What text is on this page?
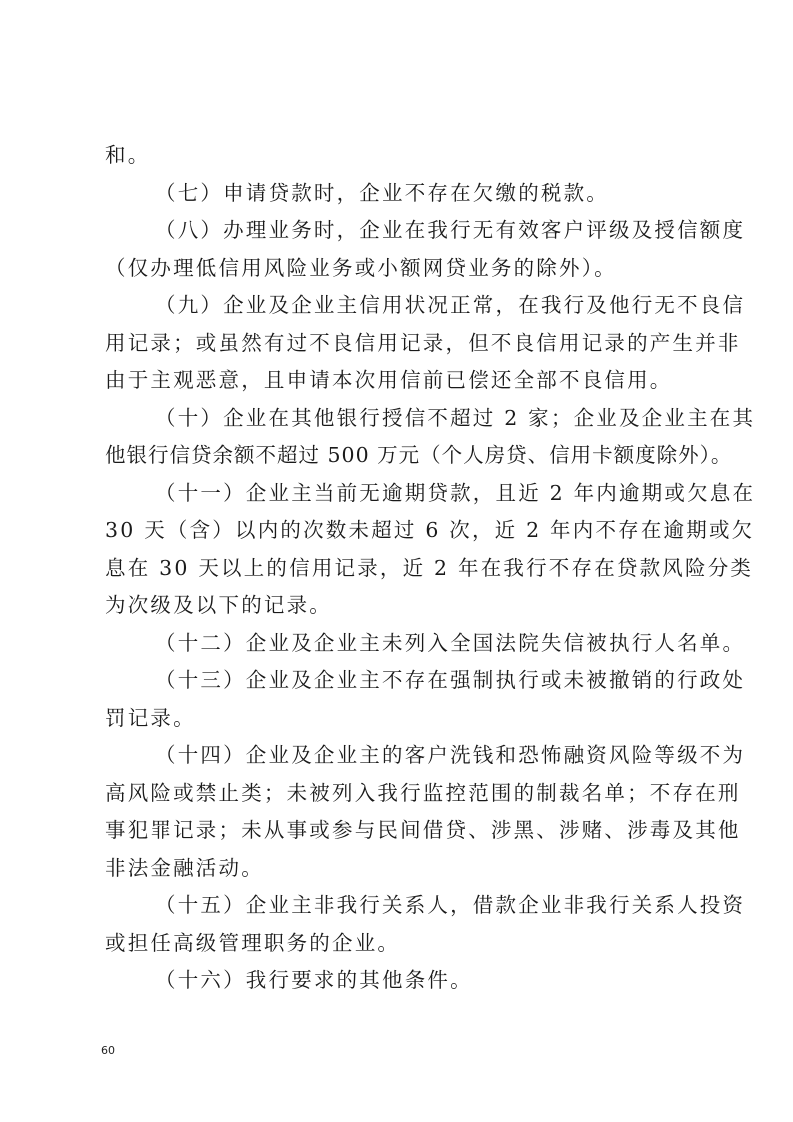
和。
（七）申请贷款时，企业不存在欠缴的税款。
（八）办理业务时，企业在我行无有效客户评级及授信额度
（仅办理低信用风险业务或小额网贷业务的除外）。
（九）企业及企业主信用状况正常，在我行及他行无不良信
用记录；或虽然有过不良信用记录，但不良信用记录的产生并非
由于主观恶意，且申请本次用信前已偿还全部不良信用。
（十）企业在其他银行授信不超过 2 家；企业及企业主在其
他银行信贷余额不超过 500 万元（个人房贷、信用卡额度除外）。
（十一）企业主当前无逾期贷款，且近 2 年内逾期或欠息在
30 天（含）以内的次数未超过 6 次，近 2 年内不存在逾期或欠
息在 30 天以上的信用记录，近 2 年在我行不存在贷款风险分类
为次级及以下的记录。
（十二）企业及企业主未列入全国法院失信被执行人名单。
（十三）企业及企业主不存在强制执行或未被撤销的行政处
罚记录。
（十四）企业及企业主的客户洗钱和恐怖融资风险等级不为
高风险或禁止类；未被列入我行监控范围的制裁名单；不存在刑
事犯罪记录；未从事或参与民间借贷、涉黑、涉赌、涉毒及其他
非法金融活动。
（十五）企业主非我行关系人，借款企业非我行关系人投资
或担任高级管理职务的企业。
（十六）我行要求的其他条件。
60
